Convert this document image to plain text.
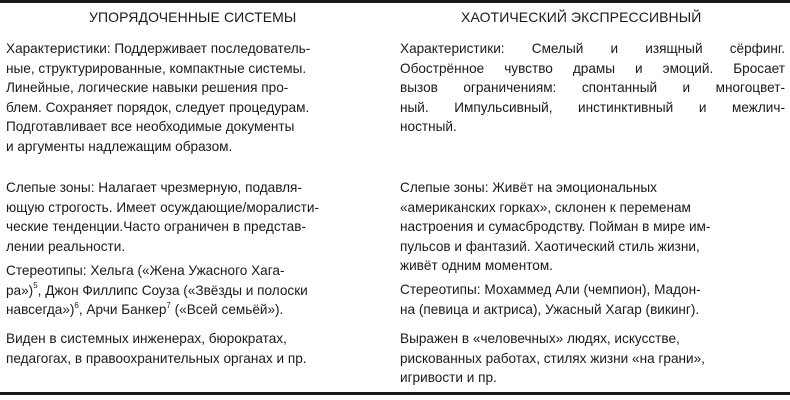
УПОРЯДОЧЕННЫЕ СИСТЕМЫ	ХАОТИЧЕСКИЙ ЭКСПРЕССИВНЫЙ
Характеристики: Поддерживает последователь-
ные, структурированные, компактные системы.
Линейные, логические навыки решения про-
блем. Сохраняет порядок, следует процедурам.
Подготавливает все необходимые документы
и аргументы надлежащим образом.
Слепые зоны: Налагает чрезмерную, подавля-
ющую строгость. Имеет осуждающие/моралисти-
ческие тенденции.Часто ограничен в представ-
лении реальности.
Стереотипы: Хельга («Жена Ужасного Хага-
ра»)$^5$, Джон Филлипс Соуза («Звёзды и полоски
навсегда»)$^6$, Арчи Банкер$^7$ («Всей семьёй»).
Виден в системных инженерах, бюрократах,
педагогах, в правоохранительных органах и пр.
Характеристики: Смелый и изящный сёрфинг.
Обострённое чувство драмы и эмоций. Бросает
вызов ограничениям: спонтанный и многоцвет-
ный. Импульсивный, инстинктивный и межлич-
ностный.
Слепые зоны: Живёт на эмоциональных
«американских горках», склонен к переменам
настроения и сумасбродству. Пойман в мире им-
пульсов и фантазий. Хаотический стиль жизни,
живёт одним моментом.
Стереотипы: Мохаммед Али (чемпион), Мадон-
на (певица и актриса), Ужасный Хагар (викинг).
Выражен в «человечных» людях, искусстве,
рискованных работах, стилях жизни «на грани»,
игривости и пр.
